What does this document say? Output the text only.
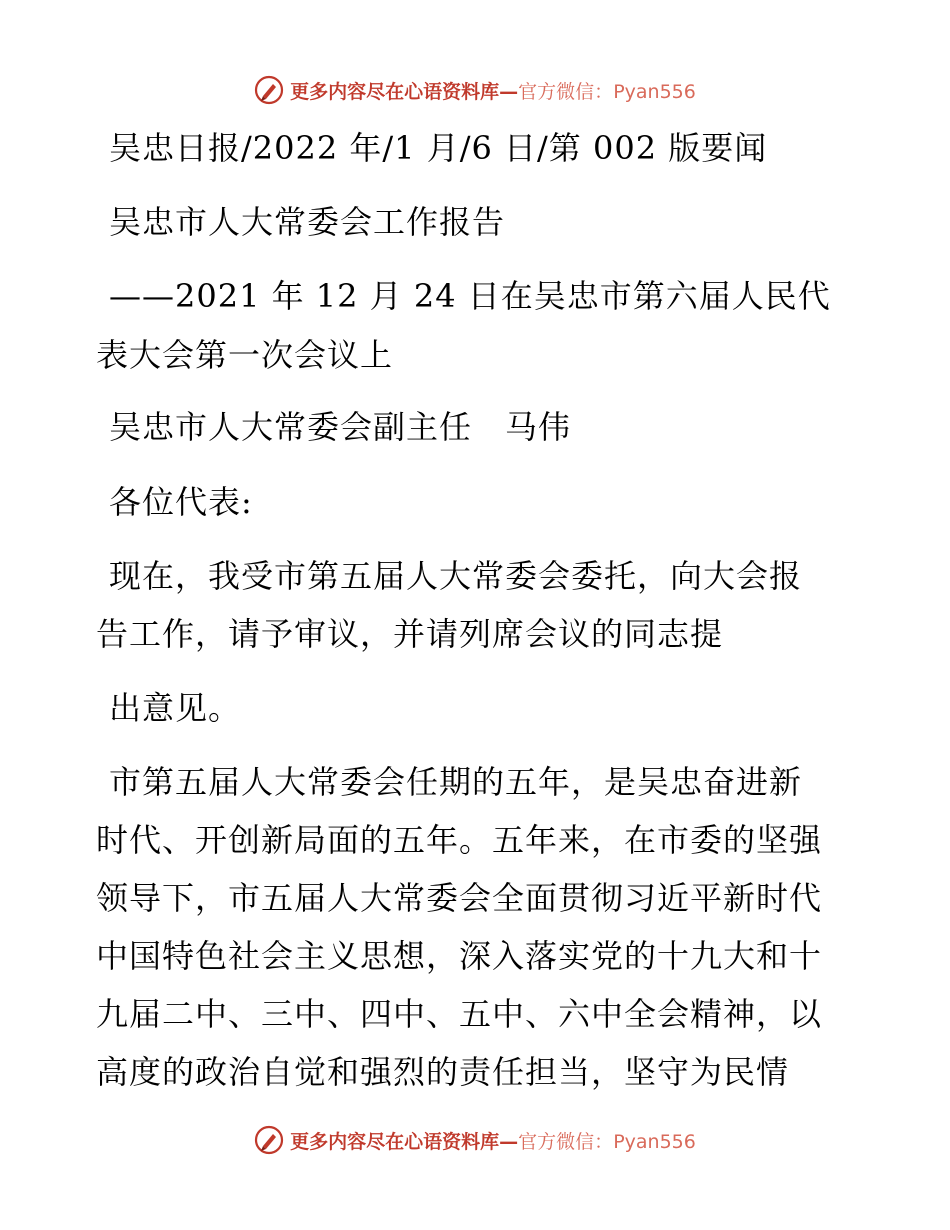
更多内容尽在心语资料库—官方微信：Pyan556
吴忠日报/2022 年/1 月/6 日/第 002 版要闻
吴忠市人大常委会工作报告
——2021 年 12 月 24 日在吴忠市第六届人民代
表大会第一次会议上
吴忠市人大常委会副主任　马伟
各位代表:
现在，我受市第五届人大常委会委托，向大会报
告工作，请予审议，并请列席会议的同志提
出意见。
市第五届人大常委会任期的五年，是吴忠奋进新
时代、开创新局面的五年。五年来，在市委的坚强
领导下，市五届人大常委会全面贯彻习近平新时代
中国特色社会主义思想，深入落实党的十九大和十
九届二中、三中、四中、五中、六中全会精神，以
高度的政治自觉和强烈的责任担当，坚守为民情
更多内容尽在心语资料库—官方微信：Pyan556
